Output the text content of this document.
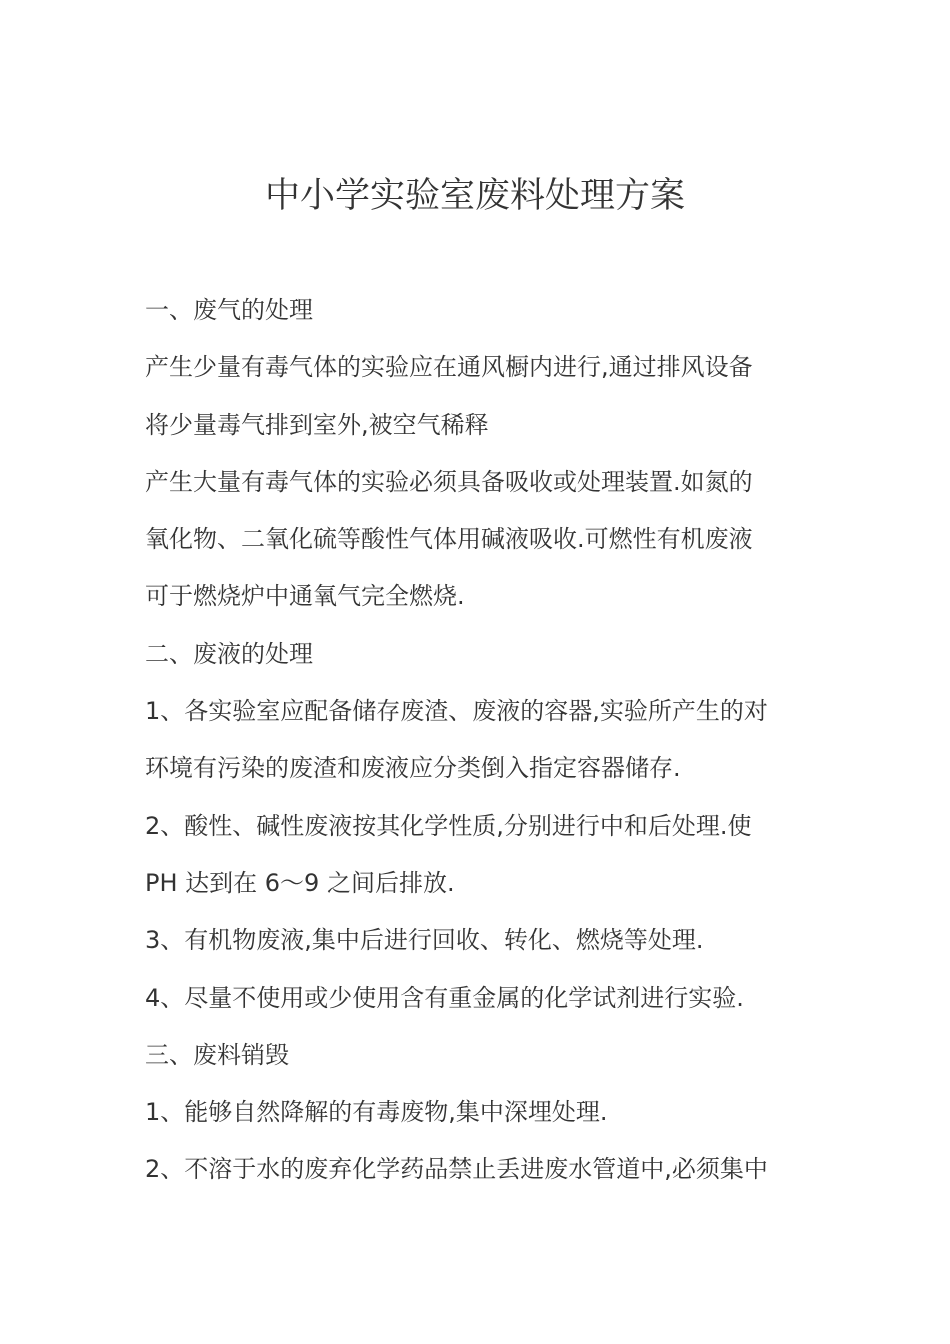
中小学实验室废料处理方案
一、废气的处理
产生少量有毒气体的实验应在通风橱内进行,通过排风设备
将少量毒气排到室外,被空气稀释
产生大量有毒气体的实验必须具备吸收或处理装置.如氮的
氧化物、二氧化硫等酸性气体用碱液吸收.可燃性有机废液
可于燃烧炉中通氧气完全燃烧.
二、废液的处理
1、各实验室应配备储存废渣、废液的容器,实验所产生的对
环境有污染的废渣和废液应分类倒入指定容器储存.
2、酸性、碱性废液按其化学性质,分别进行中和后处理.使
PH 达到在 6～9 之间后排放.
3、有机物废液,集中后进行回收、转化、燃烧等处理.
4、尽量不使用或少使用含有重金属的化学试剂进行实验.
三、废料销毁
1、能够自然降解的有毒废物,集中深埋处理.
2、不溶于水的废弃化学药品禁止丢进废水管道中,必须集中
